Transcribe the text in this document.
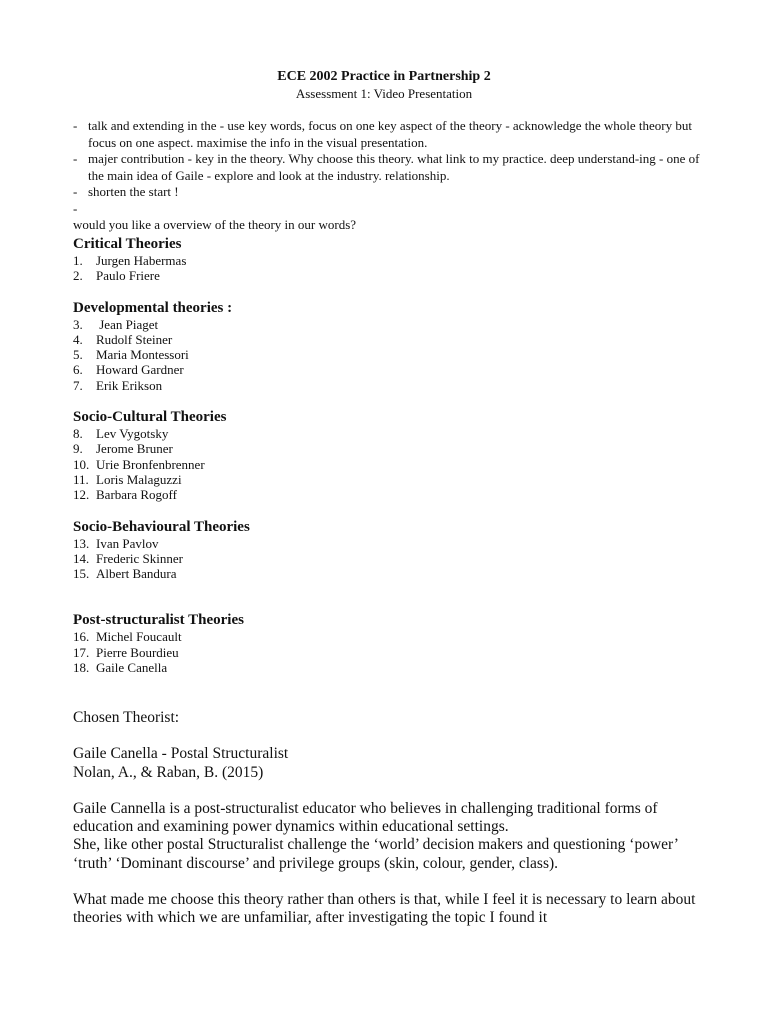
ECE 2002 Practice in Partnership 2
Assessment 1: Video Presentation
- talk and extending in the - use key words, focus on one key aspect of the theory - acknowledge the whole theory but focus on one aspect. maximise the info in the visual presentation.
- majer contribution - key in the theory. Why choose this theory. what link to my practice. deep understand-ing - one of the main idea of Gaile - explore and look at the industry. relationship.
- shorten the start !
-
would you like a overview of the theory in our words?
Critical Theories
1.	Jurgen Habermas
2.	Paulo Friere
Developmental theories :
3.	Jean Piaget
4.	Rudolf Steiner
5.	Maria Montessori
6.	Howard Gardner
7.	Erik Erikson
Socio-Cultural Theories
8.	Lev Vygotsky
9.	Jerome Bruner
10. Urie Bronfenbrenner
11. Loris Malaguzzi
12. Barbara Rogoff
Socio-Behavioural Theories
13. Ivan Pavlov
14. Frederic Skinner
15. Albert Bandura
Post-structuralist Theories
16. Michel Foucault
17. Pierre Bourdieu
18. Gaile Canella

Chosen Theorist:

Gaile Canella - Postal Structuralist

Nolan, A., & Raban, B. (2015)

Gaile Cannella is a post-structuralist educator who believes in challenging traditional forms of education and examining power dynamics within educational settings.

She, like other postal Structuralist challenge the ‘world’ decision makers and questioning ‘power’ ‘truth’ ‘Dominant discourse’ and privilege groups (skin, colour, gender, class).

What made me choose this theory rather than others is that, while I feel it is necessary to learn about theories with which we are unfamiliar, after investigating the topic I found it
